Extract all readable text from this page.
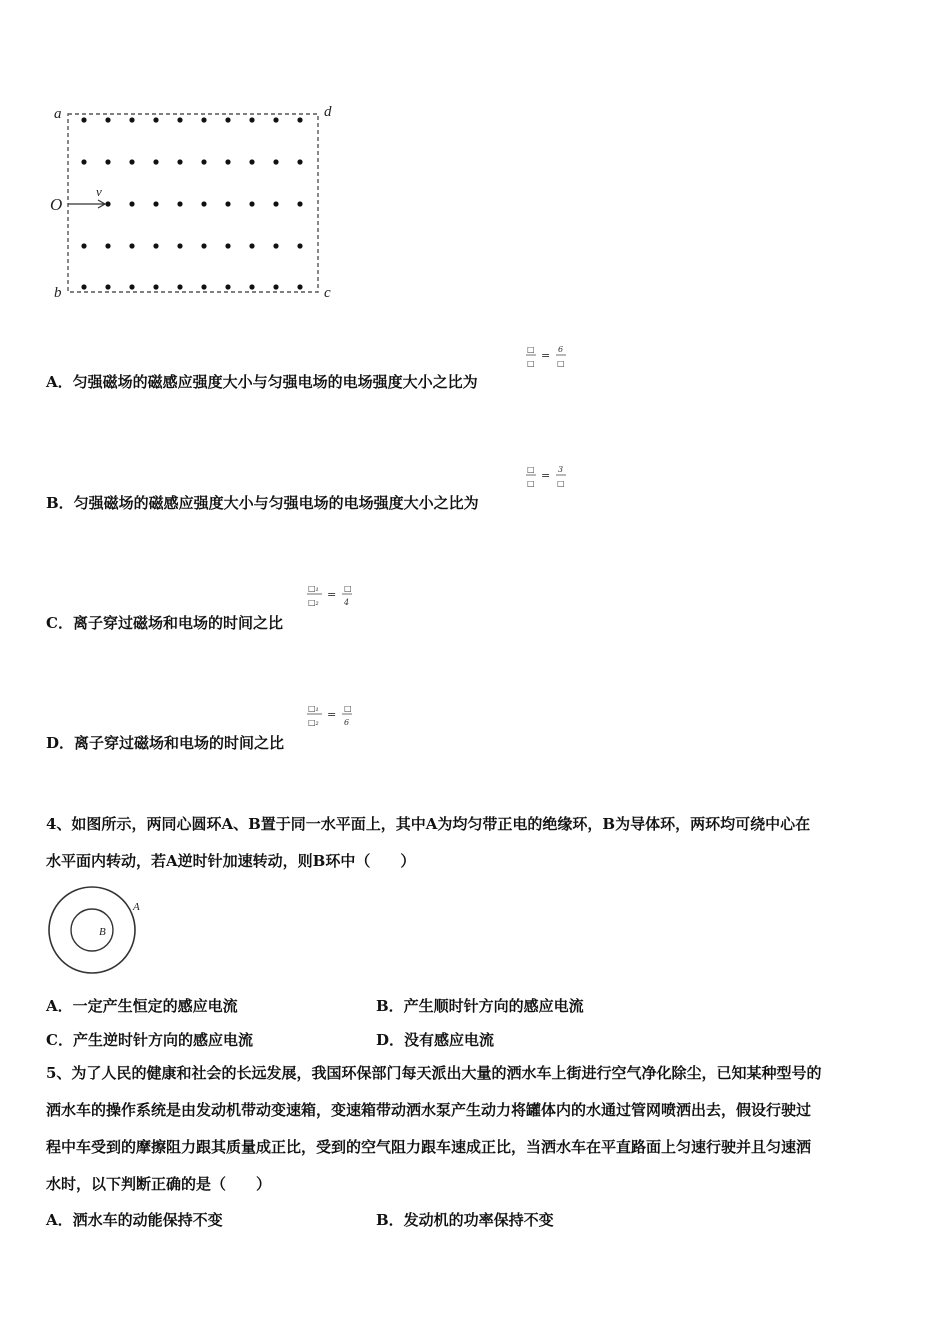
a	d
b	c
O
v
□
□
= 6
□
A．匀强磁场的磁感应强度大小与匀强电场的电场强度大小之比为
□
□
= 3
□
B．匀强磁场的磁感应强度大小与匀强电场的电场强度大小之比为
□₁
□₂
= □
4
C．离子穿过磁场和电场的时间之比
□₁
□₂
= □
6
D．离子穿过磁场和电场的时间之比
4、如图所示，两同心圆环A、B置于同一水平面上，其中A为均匀带正电的绝缘环，B为导体环，两环均可绕中心在
水平面内转动，若A逆时针加速转动，则B环中（　　）
A
B
A．一定产生恒定的感应电流	B．产生顺时针方向的感应电流
C．产生逆时针方向的感应电流	D．没有感应电流
5、为了人民的健康和社会的长远发展，我国环保部门每天派出大量的洒水车上街进行空气净化除尘，已知某种型号的
洒水车的操作系统是由发动机带动变速箱，变速箱带动洒水泵产生动力将罐体内的水通过管网喷洒出去，假设行驶过
程中车受到的摩擦阻力跟其质量成正比，受到的空气阻力跟车速成正比，当洒水车在平直路面上匀速行驶并且匀速洒
水时，以下判断正确的是（　　）
A．洒水车的动能保持不变	B．发动机的功率保持不变
